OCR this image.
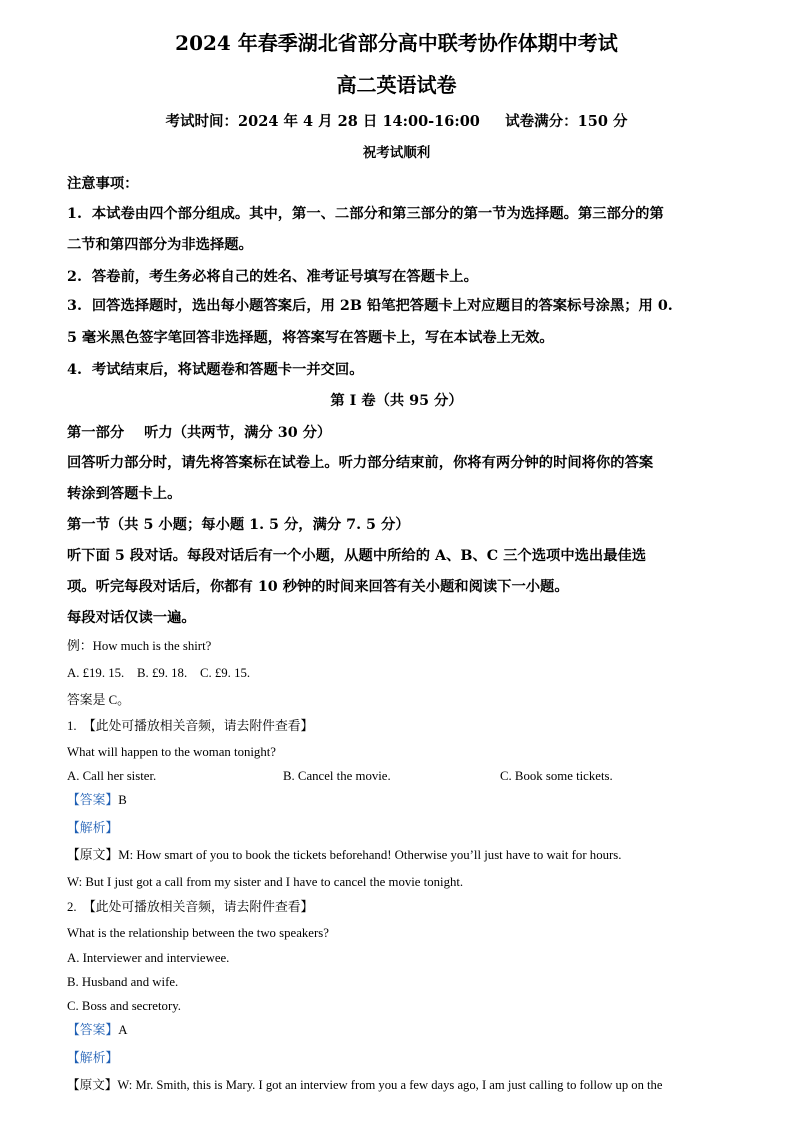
2024 年春季湖北省部分高中联考协作体期中考试
高二英语试卷
考试时间：2024 年 4 月 28 日 14:00-16:00     试卷满分：150 分
祝考试顺利
注意事项：
1.  本试卷由四个部分组成。其中，第一、二部分和第三部分的第一节为选择题。第三部分的第
二节和第四部分为非选择题。
2.  答卷前，考生务必将自己的姓名、准考证号填写在答题卡上。
3.  回答选择题时，选出每小题答案后，用 2B 铅笔把答题卡上对应题目的答案标号涂黑；用 0.
5 毫米黑色签字笔回答非选择题，将答案写在答题卡上，写在本试卷上无效。
4.  考试结束后，将试题卷和答题卡一并交回。
第 I 卷（共 95 分）
第一部分    听力（共两节，满分 30 分）
回答听力部分时，请先将答案标在试卷上。听力部分结束前，你将有两分钟的时间将你的答案
转涂到答题卡上。
第一节（共 5 小题；每小题 1. 5 分，满分 7. 5 分）
听下面 5 段对话。每段对话后有一个小题，从题中所给的 A、B、C 三个选项中选出最佳选
项。听完每段对话后，你都有 10 秒钟的时间来回答有关小题和阅读下一小题。
每段对话仅读一遍。
例：How much is the shirt?
A. £19. 15.    B. £9. 18.    C. £9. 15.
答案是 C。
1.  【此处可播放相关音频，请去附件查看】
What will happen to the woman tonight?
A. Call her sister.	B. Cancel the movie.	C. Book some tickets.
【答案】B
【解析】
【原文】M: How smart of you to book the tickets beforehand! Otherwise you’ll just have to wait for hours.
W: But I just got a call from my sister and I have to cancel the movie tonight.
2.  【此处可播放相关音频，请去附件查看】
What is the relationship between the two speakers?
A. Interviewer and interviewee.
B. Husband and wife.
C. Boss and secretory.
【答案】A
【解析】
【原文】W: Mr. Smith, this is Mary. I got an interview from you a few days ago, I am just calling to follow up on the
